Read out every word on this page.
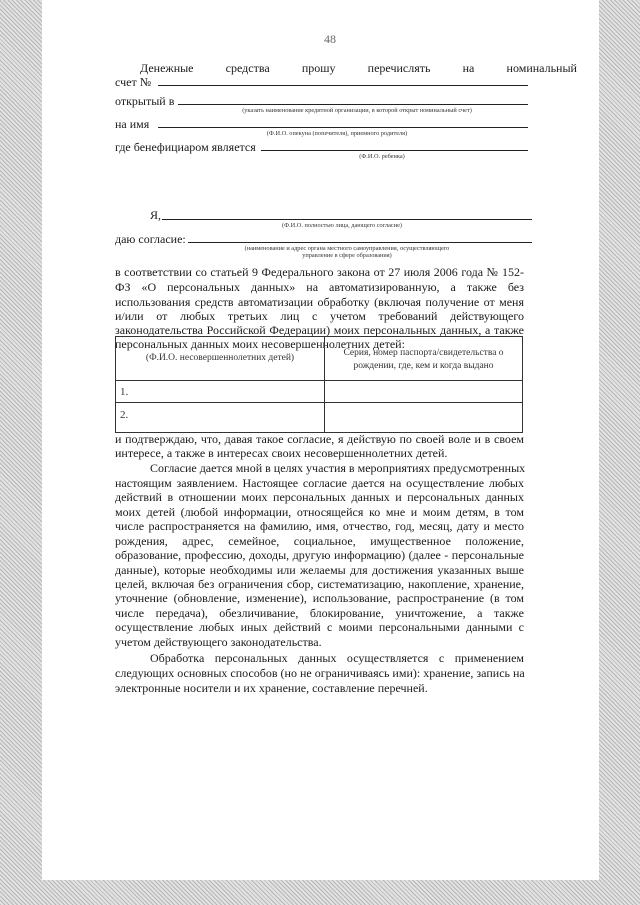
48
Денежные	средства	прошу	перечислять	на	номинальный
счет №
открытый в
(указать наименование кредитной организации, в которой открыт номинальный счет)
на имя
(Ф.И.О. опекуна (попечителя), приемного родителя)
где бенефициаром является
(Ф.И.О. ребенка)
Я,
(Ф.И.О. полностью лица, дающего согласие)
даю согласие:
(наименование и адрес органа местного самоуправления, осуществляющего
управление в сфере образования)
в соответствии со статьей 9 Федерального закона от 27 июля 2006 года № 152-
ФЗ «О персональных данных» на автоматизированную, а также без
использования средств автоматизации обработку (включая получение от меня
и/или от любых третьих лиц с учетом требований действующего
законодательства Российской Федерации) моих персональных данных, а также
персональных данных моих несовершеннолетних детей:
(Ф.И.О. несовершеннолетних детей)	Серия, номер паспорта/свидетельства о
рождении, где, кем и когда выдано
1.
2.
и подтверждаю, что, давая такое согласие, я действую по своей воле и в своем
интересе, а также в интересах своих несовершеннолетних детей.
Согласие дается мной в целях участия в мероприятиях предусмотренных
настоящим заявлением. Настоящее согласие дается на осуществление любых
действий в отношении моих персональных данных и персональных данных
моих детей (любой информации, относящейся ко мне и моим детям, в том
числе распространяется на фамилию, имя, отчество, год, месяц, дату и место
рождения, адрес, семейное, социальное, имущественное положение,
образование, профессию, доходы, другую информацию) (далее - персональные
данные), которые необходимы или желаемы для достижения указанных выше
целей, включая без ограничения сбор, систематизацию, накопление, хранение,
уточнение (обновление, изменение), использование, распространение (в том
числе передача), обезличивание, блокирование, уничтожение, а также
осуществление любых иных действий с моими персональными данными с
учетом действующего законодательства.
Обработка персональных данных осуществляется с применением
следующих основных способов (но не ограничиваясь ими): хранение, запись на
электронные носители и их хранение, составление перечней.
